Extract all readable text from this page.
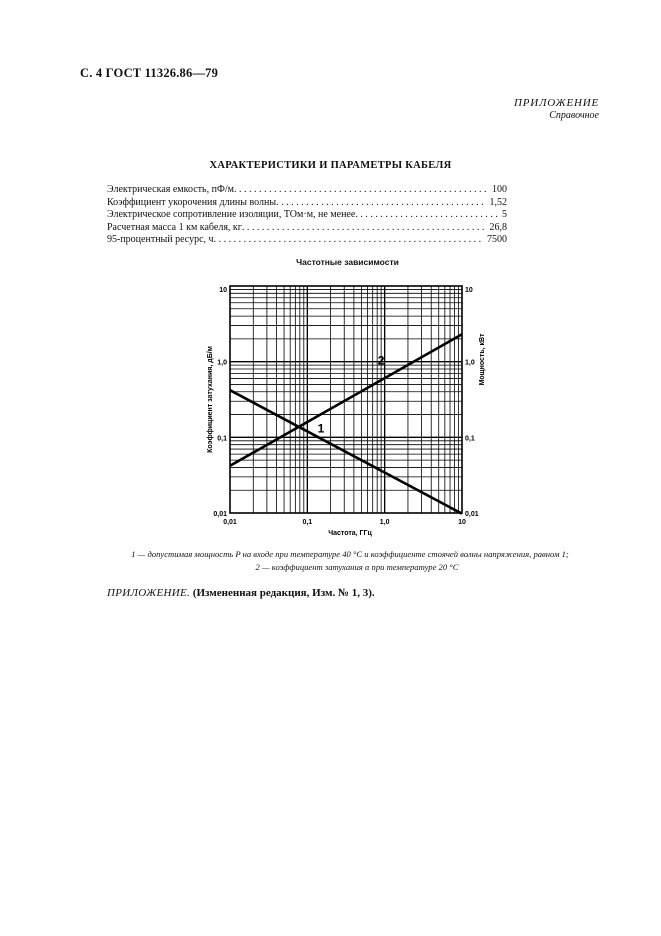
С. 4 ГОСТ 11326.86—79
ПРИЛОЖЕНИЕ
Справочное
ХАРАКТЕРИСТИКИ И ПАРАМЕТРЫ КАБЕЛЯ
Электрическая емкость, пФ/м . . .	100
Коэффициент укорочения длины волны . . .	1,52
Электрическое сопротивление изоляции, ТОм·м, не менее . . .	5
Расчетная масса 1 км кабеля, кг . . .	26,8
95-процентный ресурс, ч . . .	7500
Частотные зависимости
0,01	0,1	1,0	10
0,01
0,1
1,0
10
0,01
0,1
1,0
10
Частота, ГГц
Коэффициент затухания, дБ/м	Мощность, кВт
1
2
1 — допустимая мощность P на входе при температуре 40 °С и коэффициенте стоячей волны напряжения, равном 1;
2 — коэффициент затухания α при температуре 20 °С
ПРИЛОЖЕНИЕ. (Измененная редакция, Изм. № 1, 3).
